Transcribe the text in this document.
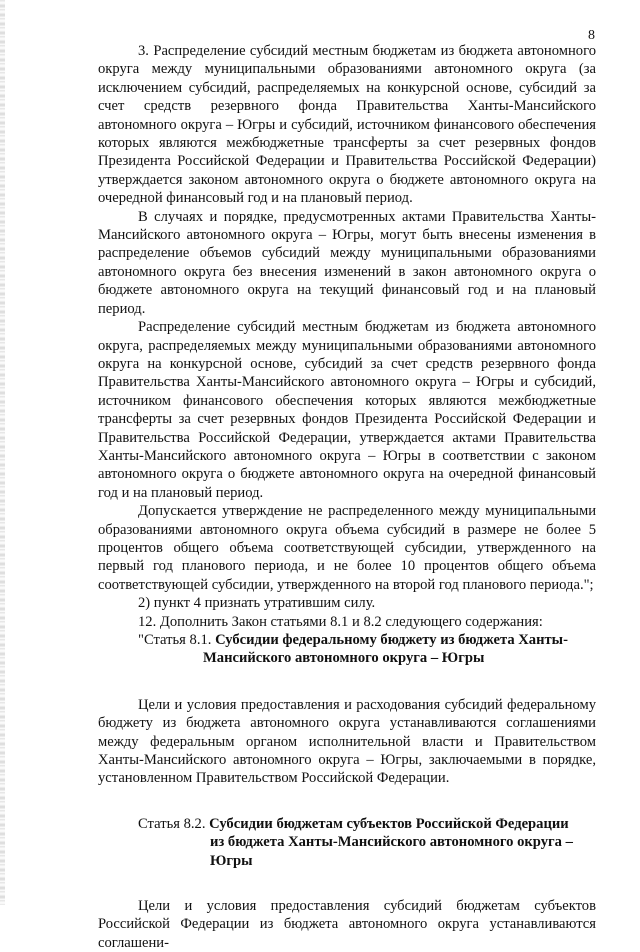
8

3. Распределение субсидий местным бюджетам из бюджета автономного округа между муниципальными образованиями автономного округа (за исключением субсидий, распределяемых на конкурсной основе, субсидий за счет средств резервного фонда Правительства Ханты-Мансийского автономного округа – Югры и субсидий, источником финансового обеспечения которых являются межбюджетные трансферты за счет резервных фондов Президента Российской Федерации и Правительства Российской Федерации) утверждается законом автономного округа о бюджете автономного округа на очередной финансовый год и на плановый период.

В случаях и порядке, предусмотренных актами Правительства Ханты-Мансийского автономного округа – Югры, могут быть внесены изменения в распределение объемов субсидий между муниципальными образованиями автономного округа без внесения изменений в закон автономного округа о бюджете автономного округа на текущий финансовый год и на плановый период.

Распределение субсидий местным бюджетам из бюджета автономного округа, распределяемых между муниципальными образованиями автономного округа на конкурсной основе, субсидий за счет средств резервного фонда Правительства Ханты-Мансийского автономного округа – Югры и субсидий, источником финансового обеспечения которых являются межбюджетные трансферты за счет резервных фондов Президента Российской Федерации и Правительства Российской Федерации, утверждается актами Правительства Ханты-Мансийского автономного округа – Югры в соответствии с законом автономного округа о бюджете автономного округа на очередной финансовый год и на плановый период.

Допускается утверждение не распределенного между муниципальными образованиями автономного округа объема субсидий в размере не более 5 процентов общего объема соответствующей субсидии, утвержденного на первый год планового периода, и не более 10 процентов общего объема соответствующей субсидии, утвержденного на второй год планового периода.";

2) пункт 4 признать утратившим силу.

12. Дополнить Закон статьями 8.1 и 8.2 следующего содержания:

"Статья 8.1. Субсидии федеральному бюджету из бюджета Ханты-
Мансийского автономного округа – Югры

Цели и условия предоставления и расходования субсидий федеральному бюджету из бюджета автономного округа устанавливаются соглашениями между федеральным органом исполнительной власти и Правительством Ханты-Мансийского автономного округа – Югры, заключаемыми в порядке, установленном Правительством Российской Федерации.

Статья 8.2. Субсидии бюджетам субъектов Российской Федерации
из бюджета Ханты-Мансийского автономного округа –
Югры

Цели и условия предоставления субсидий бюджетам субъектов Российской Федерации из бюджета автономного округа устанавливаются соглашени-
